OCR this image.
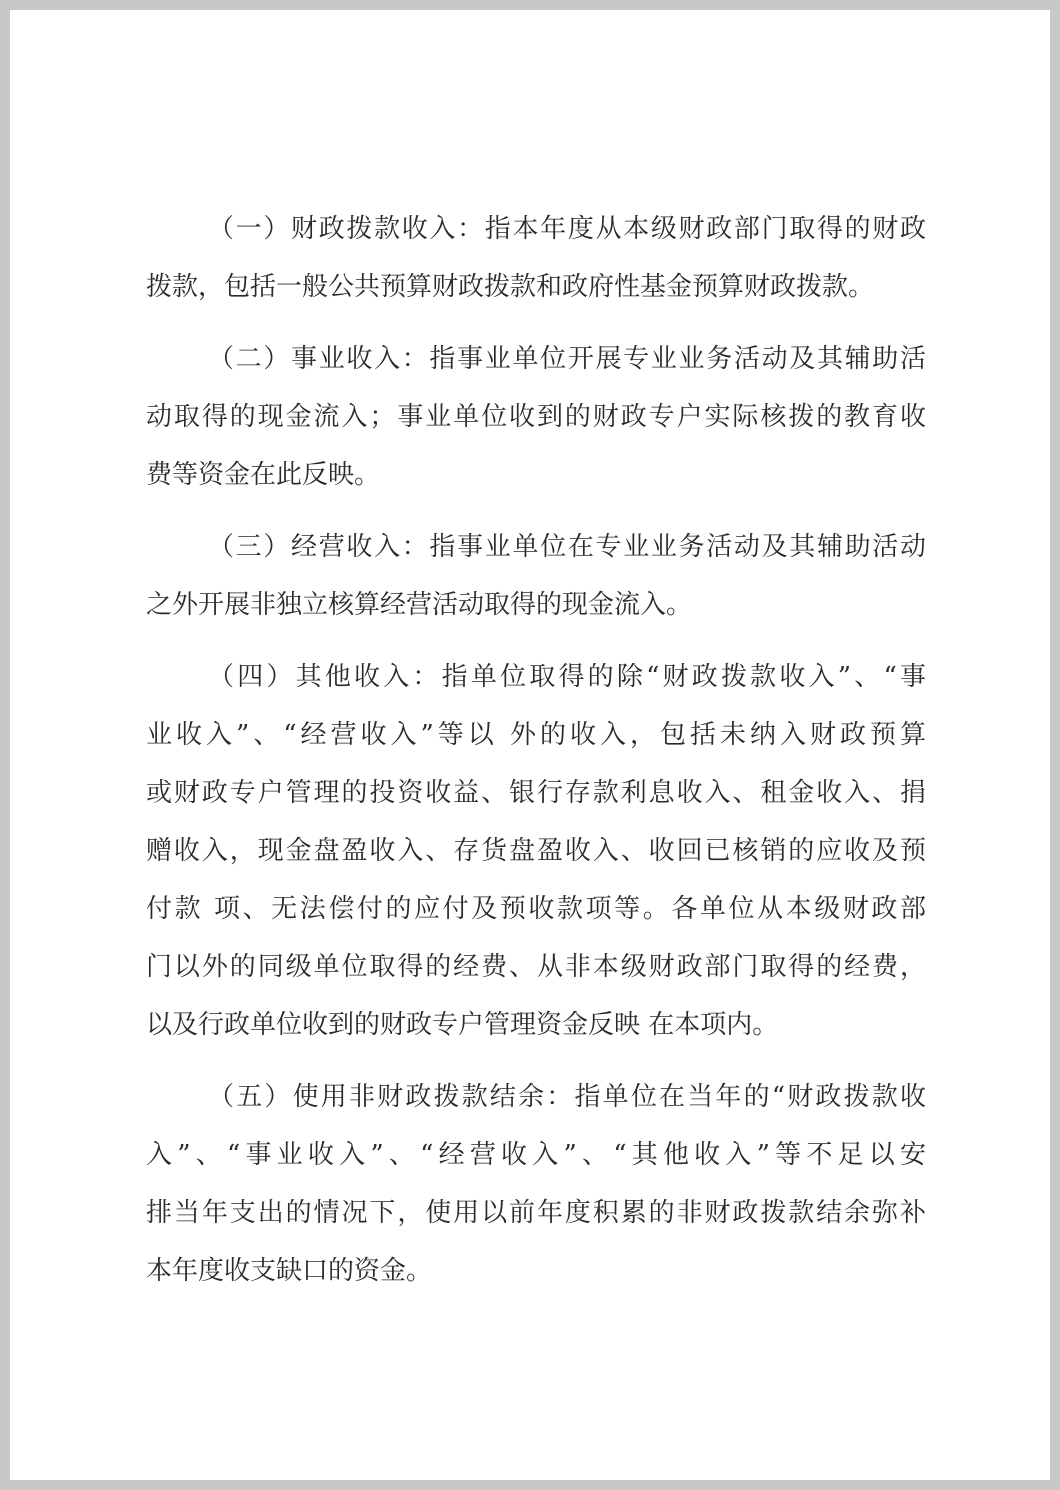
（一）财政拨款收入：指本年度从本级财政部门取得的财政
拨款，包括一般公共预算财政拨款和政府性基金预算财政拨款。
（二）事业收入：指事业单位开展专业业务活动及其辅助活
动取得的现金流入；事业单位收到的财政专户实际核拨的教育收
费等资金在此反映。
（三）经营收入：指事业单位在专业业务活动及其辅助活动
之外开展非独立核算经营活动取得的现金流入。
（四）其他收入：指单位取得的除“财政拨款收入”、“事
业收入”、“经营收入”等以 外的收入，包括未纳入财政预算
或财政专户管理的投资收益、银行存款利息收入、租金收入、捐
赠收入，现金盘盈收入、存货盘盈收入、收回已核销的应收及预
付款 项、无法偿付的应付及预收款项等。各单位从本级财政部
门以外的同级单位取得的经费、从非本级财政部门取得的经费，
以及行政单位收到的财政专户管理资金反映 在本项内。
（五）使用非财政拨款结余：指单位在当年的“财政拨款收
入”、“事业收入”、“经营收入”、“其他收入”等不足以安
排当年支出的情况下，使用以前年度积累的非财政拨款结余弥补
本年度收支缺口的资金。
